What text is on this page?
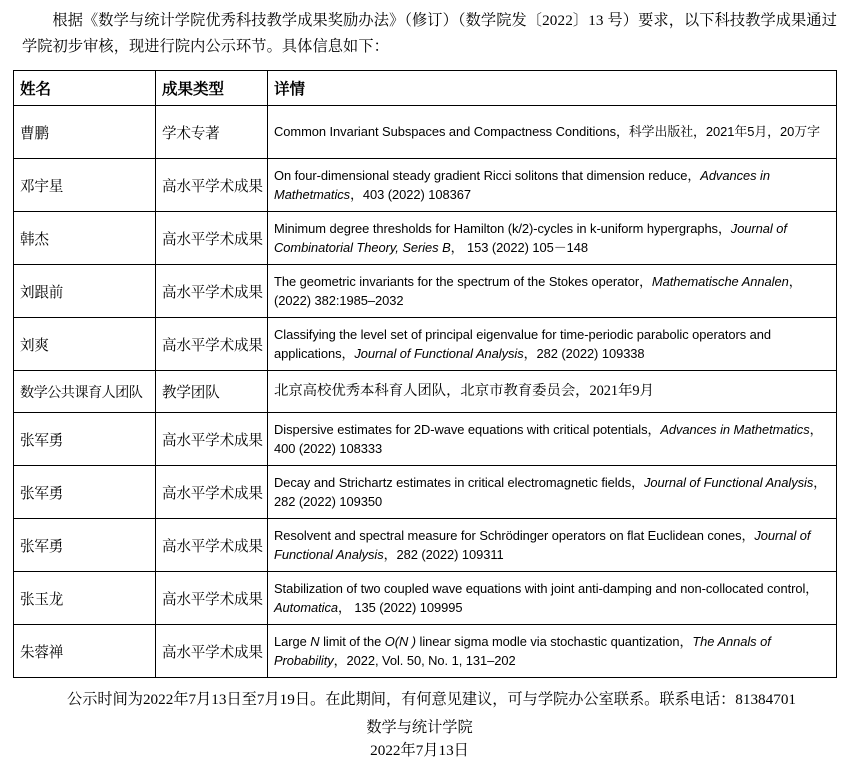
根据《数学与统计学院优秀科技教学成果奖励办法》（修订）（数学院发〔2022〕13 号）要求，以下科技教学成果通过学院初步审核，现进行院内公示环节。具体信息如下：

姓名	成果类型	详情
曹鹏	学术专著	Common Invariant Subspaces and Compactness Conditions，科学出版社，2021年5月，20万字
邓宇星	高水平学术成果	On four-dimensional steady gradient Ricci solitons that dimension reduce，Advances in Mathetmatics，403 (2022) 108367
韩杰	高水平学术成果	Minimum degree thresholds for Hamilton (k/2)-cycles in k-uniform hypergraphs，Journal of Combinatorial Theory, Series B， 153 (2022) 105－148
刘跟前	高水平学术成果	The geometric invariants for the spectrum of the Stokes operator，Mathematische Annalen，(2022) 382:1985–2032
刘爽	高水平学术成果	Classifying the level set of principal eigenvalue for time-periodic parabolic operators and applications，Journal of Functional Analysis，282 (2022) 109338
数学公共课育人团队	教学团队	北京高校优秀本科育人团队，北京市教育委员会，2021年9月
张军勇	高水平学术成果	Dispersive estimates for 2D-wave equations with critical potentials，Advances in Mathetmatics，400 (2022) 108333
张军勇	高水平学术成果	Decay and Strichartz estimates in critical electromagnetic fields，Journal of Functional Analysis，282 (2022) 109350
张军勇	高水平学术成果	Resolvent and spectral measure for Schrödinger operators on flat Euclidean cones，Journal of Functional Analysis，282 (2022) 109311
张玉龙	高水平学术成果	Stabilization of two coupled wave equations with joint anti-damping and non-collocated control，Automatica， 135 (2022) 109995
朱蓉禅	高水平学术成果	Large N limit of the O(N ) linear sigma modle via stochastic quantization，The Annals of Probability，2022, Vol. 50, No. 1, 131–202
公示时间为2022年7月13日至7月19日。在此期间，有何意见建议，可与学院办公室联系。联系电话：81384701
数学与统计学院
2022年7月13日
